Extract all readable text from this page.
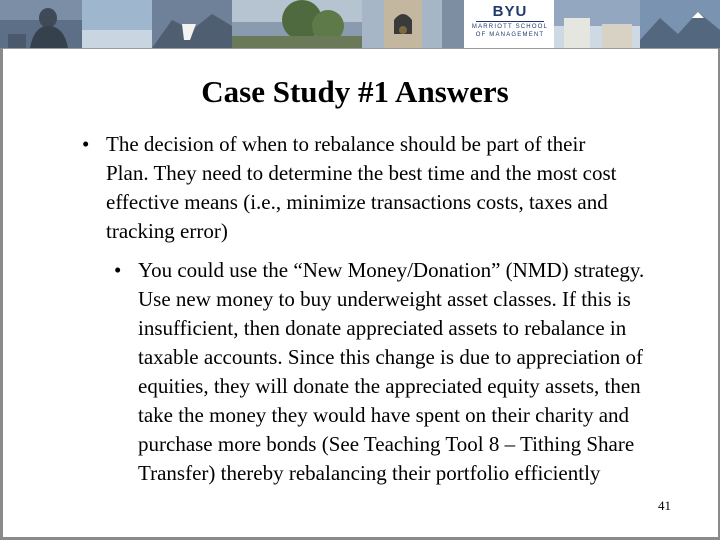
BYU
MARRIOTT SCHOOL
OF MANAGEMENT
Case Study #1 Answers
• The decision of when to rebalance should be part of their Plan. They need to determine the best time and the most cost effective means (i.e., minimize transactions costs, taxes and tracking error)

• You could use the “New Money/Donation” (NMD) strategy. Use new money to buy underweight asset classes. If this is insufficient, then donate appreciated assets to rebalance in taxable accounts. Since this change is due to appreciation of equities, they will donate the appreciated equity assets, then take the money they would have spent on their charity and purchase more bonds (See Teaching Tool 8 – Tithing Share Transfer) thereby rebalancing their portfolio efficiently

41
